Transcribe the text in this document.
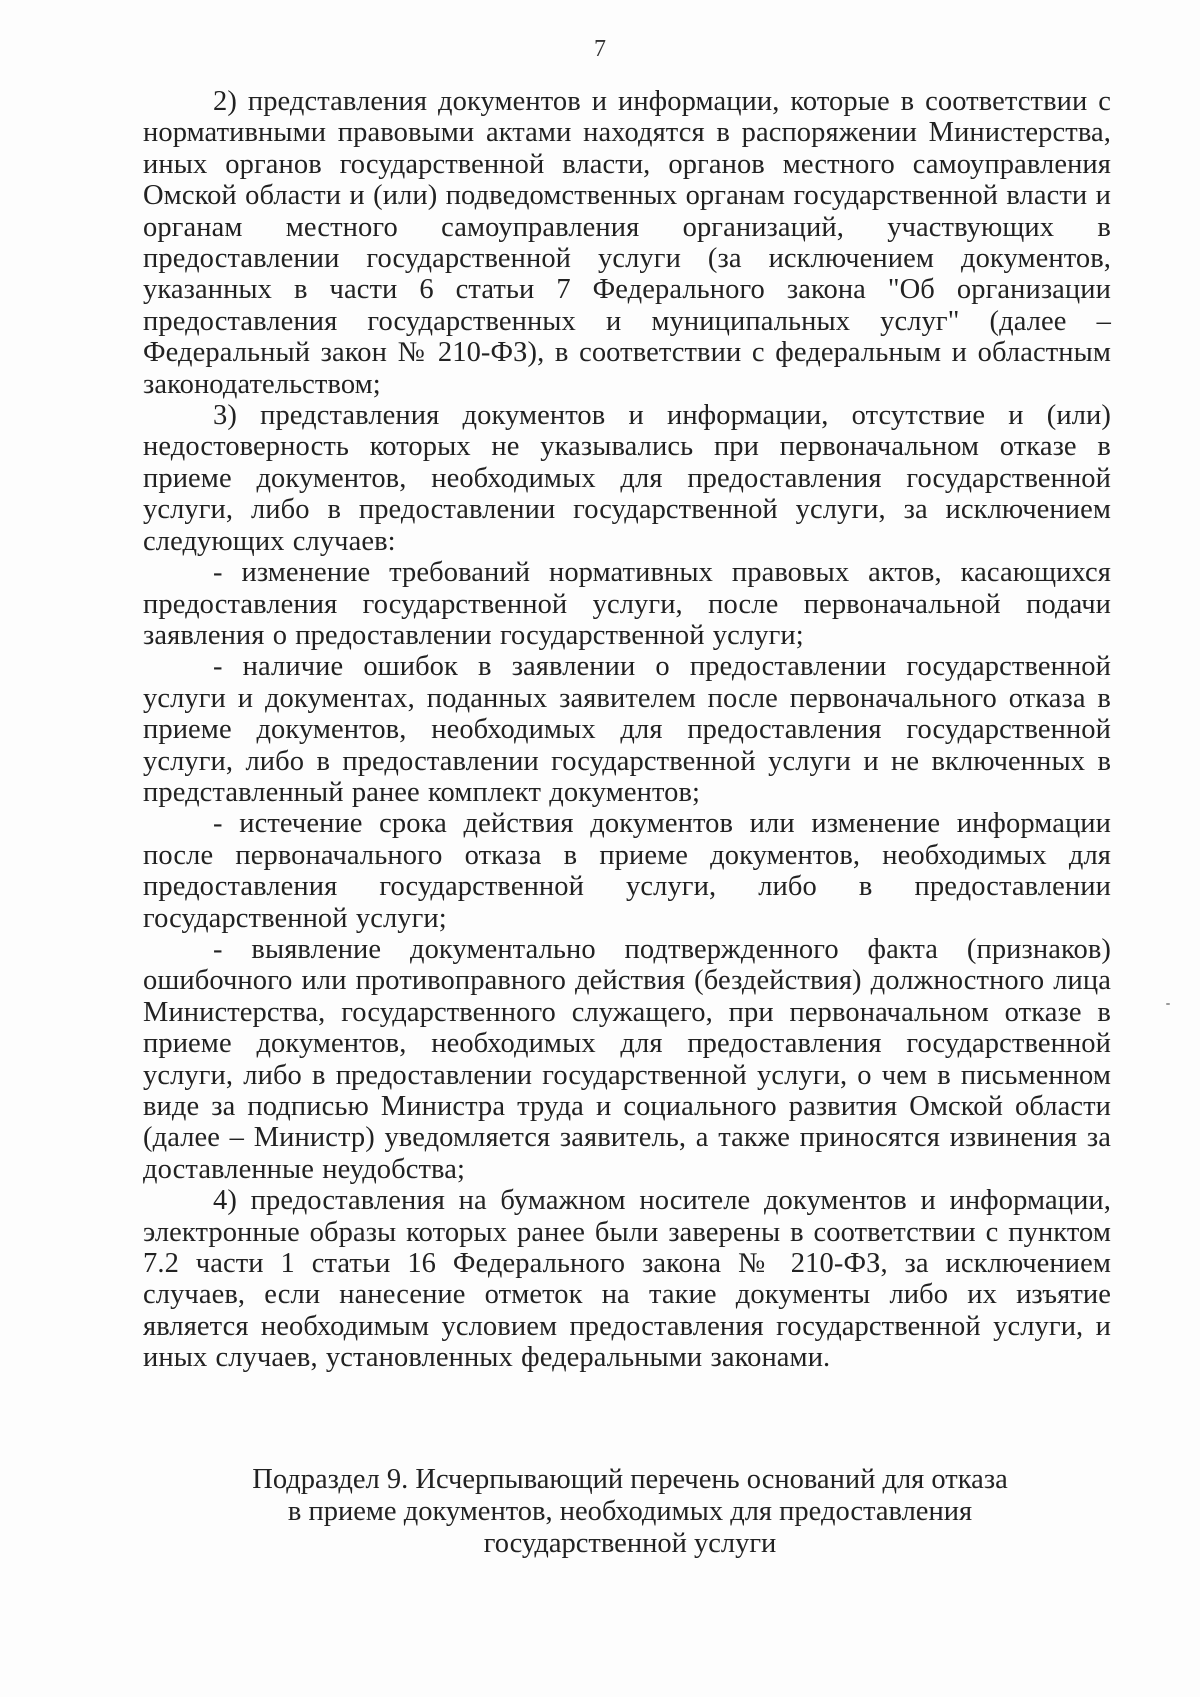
7

2) представления документов и информации, которые в соответствии с нормативными правовыми актами находятся в распоряжении Министерства, иных органов государственной власти, органов местного самоуправления Омской области и (или) подведомственных органам государственной власти и органам местного самоуправления организаций, участвующих в предоставлении государственной услуги (за исключением документов, указанных в части 6 статьи 7 Федерального закона "Об организации предоставления государственных и муниципальных услуг" (далее – Федеральный закон № 210-ФЗ), в соответствии с федеральным и областным законодательством;

3) представления документов и информации, отсутствие и (или) недостоверность которых не указывались при первоначальном отказе в приеме документов, необходимых для предоставления государственной услуги, либо в предоставлении государственной услуги, за исключением следующих случаев:

- изменение требований нормативных правовых актов, касающихся предоставления государственной услуги, после первоначальной подачи заявления о предоставлении государственной услуги;

- наличие ошибок в заявлении о предоставлении государственной услуги и документах, поданных заявителем после первоначального отказа в приеме документов, необходимых для предоставления государственной услуги, либо в предоставлении государственной услуги и не включенных в представленный ранее комплект документов;

- истечение срока действия документов или изменение информации после первоначального отказа в приеме документов, необходимых для предоставления государственной услуги, либо в предоставлении государственной услуги;

- выявление документально подтвержденного факта (признаков) ошибочного или противоправного действия (бездействия) должностного лица Министерства, государственного служащего, при первоначальном отказе в приеме документов, необходимых для предоставления государственной услуги, либо в предоставлении государственной услуги, о чем в письменном виде за подписью Министра труда и социального развития Омской области (далее – Министр) уведомляется заявитель, а также приносятся извинения за доставленные неудобства;

4) предоставления на бумажном носителе документов и информации, электронные образы которых ранее были заверены в соответствии с пунктом 7.2 части 1 статьи 16 Федерального закона № 210-ФЗ, за исключением случаев, если нанесение отметок на такие документы либо их изъятие является необходимым условием предоставления государственной услуги, и иных случаев, установленных федеральными законами.

Подраздел 9. Исчерпывающий перечень оснований для отказа

в приеме документов, необходимых для предоставления

государственной услуги
